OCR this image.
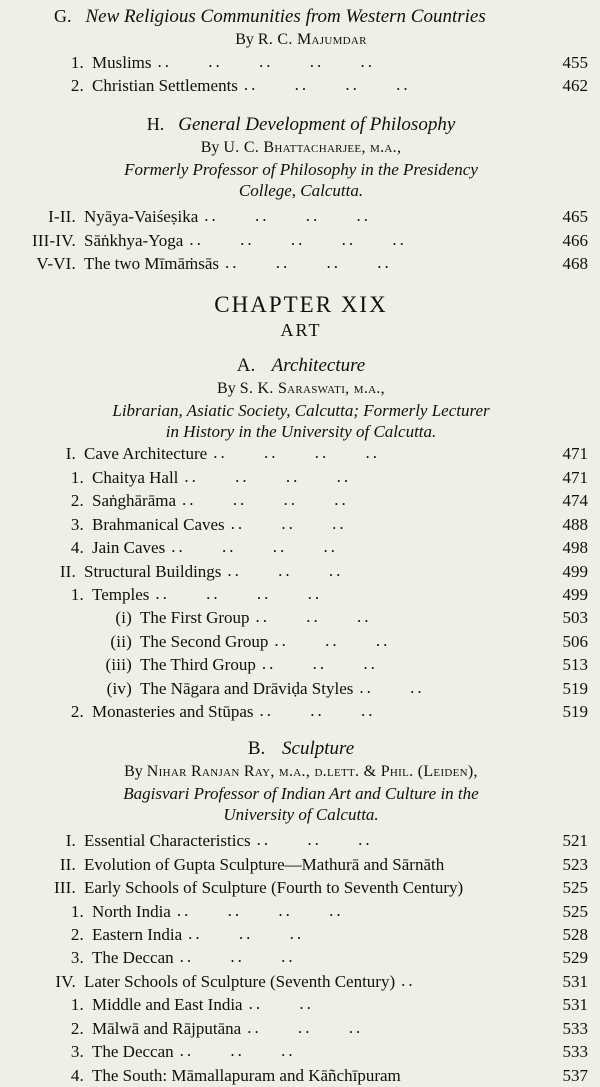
G. New Religious Communities from Western Countries
By R. C. Majumdar
1. Muslims ..     ..     ..     ..     ..	455
2. Christian Settlements ..     ..     ..     ..	462
H. General Development of Philosophy
By U. C. Bhattacharjee, m.a.,
Formerly Professor of Philosophy in the Presidency
College, Calcutta.
I-II. Nyāya-Vaiśeṣika ..     ..     ..     ..	465
III-IV. Sāṅkhya-Yoga ..     ..     ..     ..     ..	466
V-VI. The two Mīmāṁsās ..     ..     ..     ..	468
CHAPTER XIX
ART
A. Architecture
By S. K. Saraswati, m.a.,
Librarian, Asiatic Society, Calcutta; Formerly Lecturer
in History in the University of Calcutta.
I. Cave Architecture ..     ..     ..     ..	471
1. Chaitya Hall ..     ..     ..     ..	471
2. Saṅghārāma ..     ..     ..     ..	474
3. Brahmanical Caves ..     ..     ..	488
4. Jain Caves ..     ..     ..     ..	498
II. Structural Buildings ..     ..     ..	499
1. Temples ..     ..     ..     ..	499
(i) The First Group ..     ..     ..	503
(ii) The Second Group ..     ..     ..	506
(iii) The Third Group ..     ..     ..	513
(iv) The Nāgara and Drāviḍa Styles ..     ..	519
2. Monasteries and Stūpas ..     ..     ..	519
B. Sculpture
By Nihar Ranjan Ray, m.a., d.lett. & Phil. (Leiden),
Bagisvari Professor of Indian Art and Culture in the
University of Calcutta.
I. Essential Characteristics ..     ..     ..	521
II. Evolution of Gupta Sculpture—Mathurā and Sārnāth	523
III. Early Schools of Sculpture (Fourth to Seventh Century)	525
1. North India ..     ..     ..     ..	525
2. Eastern India ..     ..     ..	528
3. The Deccan ..     ..     ..	529
IV. Later Schools of Sculpture (Seventh Century) ..	531
1. Middle and East India ..     ..	531
2. Mālwā and Rājputāna ..     ..     ..	533
3. The Deccan ..     ..     ..	533
4. The South: Māmallapuram and Kāñchīpuram	537
